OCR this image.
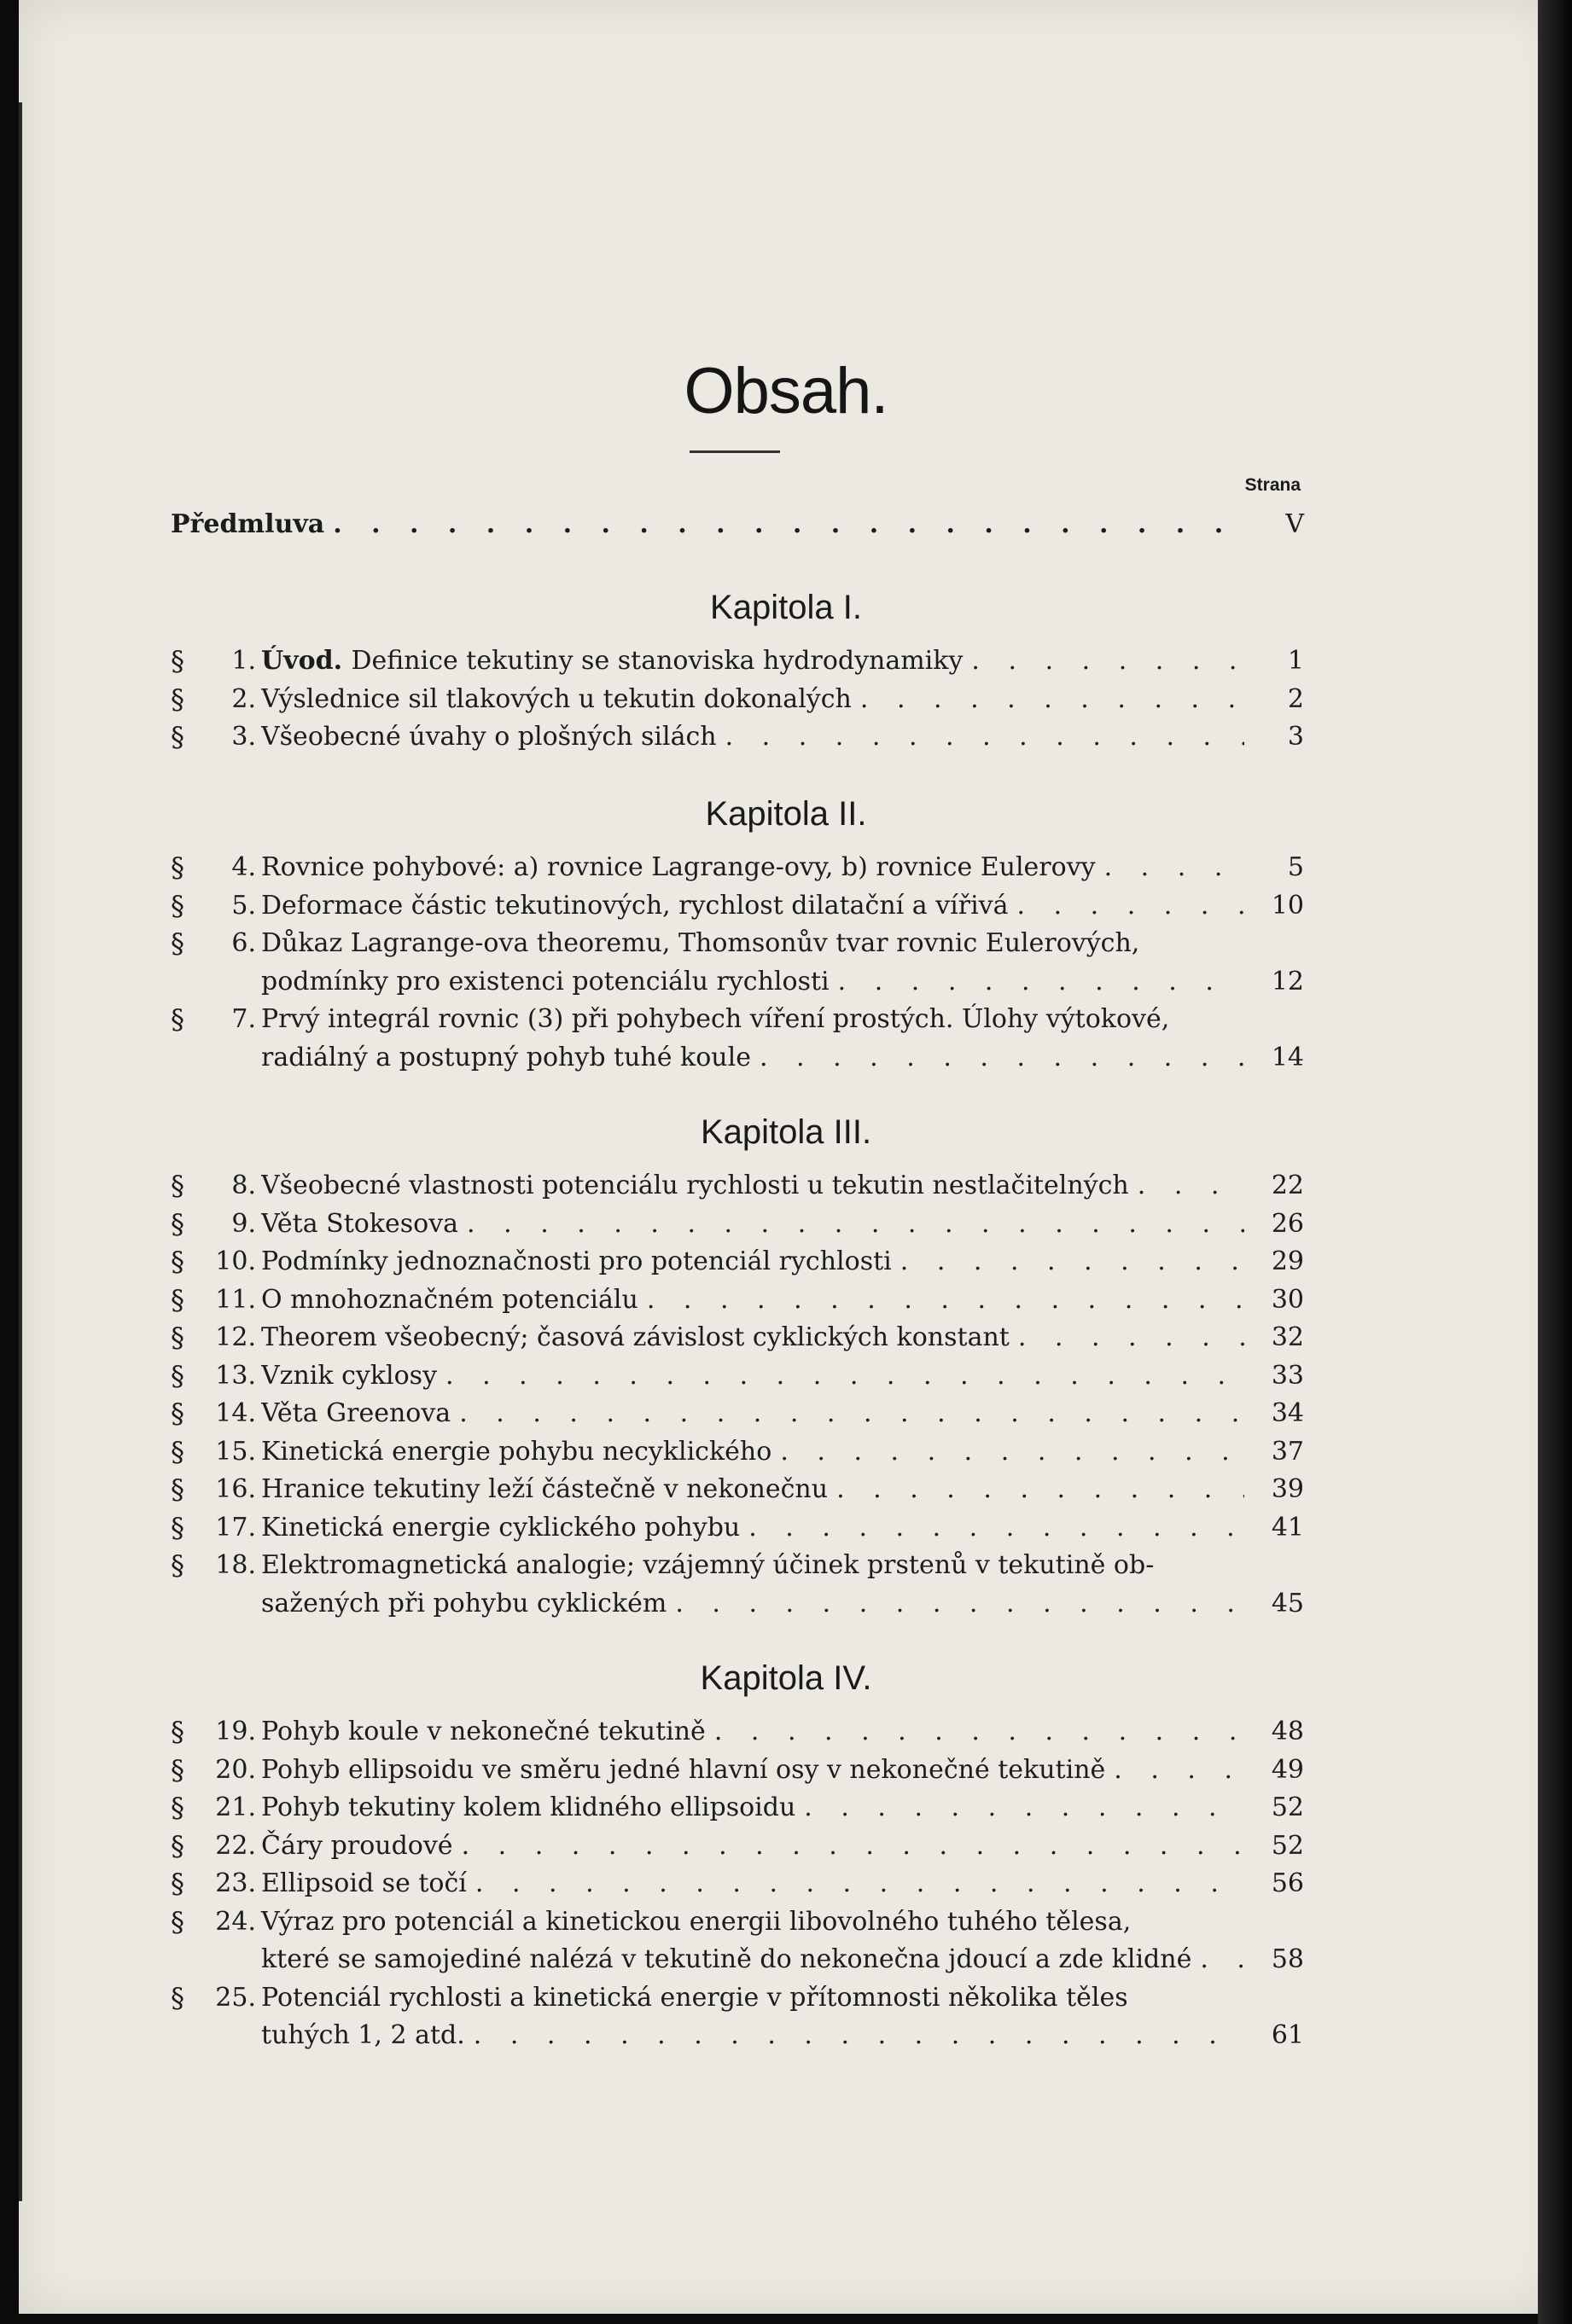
Obsah.
Strana
Předmluva . . .	V
Kapitola I.
§	1. Úvod. Definice tekutiny se stanoviska hydrodynamiky . . .	1
§	2. Výslednice sil tlakových u tekutin dokonalých . . .	2
§	3. Všeobecné úvahy o plošných silách . . .	3
Kapitola II.
§	4. Rovnice pohybové: a) rovnice Lagrange-ovy, b) rovnice Eulerovy . . .	5
§	5. Deformace částic tekutinových, rychlost dilatační a vířivá . . .	10
§	6. Důkaz Lagrange-ova theoremu, Thomsonův tvar rovnic Eulerových,
podmínky pro existenci potenciálu rychlosti . . .	12
§	7. Prvý integrál rovnic (3) při pohybech víření prostých. Úlohy výtokové,
radiálný a postupný pohyb tuhé koule . . .	14
Kapitola III.
§	8. Všeobecné vlastnosti potenciálu rychlosti u tekutin nestlačitelných . . .	22
§	9. Věta Stokesova . . .	26
§	10. Podmínky jednoznačnosti pro potenciál rychlosti . . .	29
§	11. O mnohoznačném potenciálu . . .	30
§	12. Theorem všeobecný; časová závislost cyklických konstant . . .	32
§	13. Vznik cyklosy . . .	33
§	14. Věta Greenova . . .	34
§	15. Kinetická energie pohybu necyklického . . .	37
§	16. Hranice tekutiny leží částečně v nekonečnu . . .	39
§	17. Kinetická energie cyklického pohybu . . .	41
§	18. Elektromagnetická analogie; vzájemný účinek prstenů v tekutině ob-
sažených při pohybu cyklickém . . .	45
Kapitola IV.
§	19. Pohyb koule v nekonečné tekutině . . .	48
§	20. Pohyb ellipsoidu ve směru jedné hlavní osy v nekonečné tekutině . . .	49
§	21. Pohyb tekutiny kolem klidného ellipsoidu . . .	52
§	22. Čáry proudové . . .	52
§	23. Ellipsoid se točí . . .	56
§	24. Výraz pro potenciál a kinetickou energii libovolného tuhého tělesa,
které se samojediné nalézá v tekutině do nekonečna jdoucí a zde klidné . . .	58
§	25. Potenciál rychlosti a kinetická energie v přítomnosti několika těles
tuhých 1, 2 atd. . . .	61
